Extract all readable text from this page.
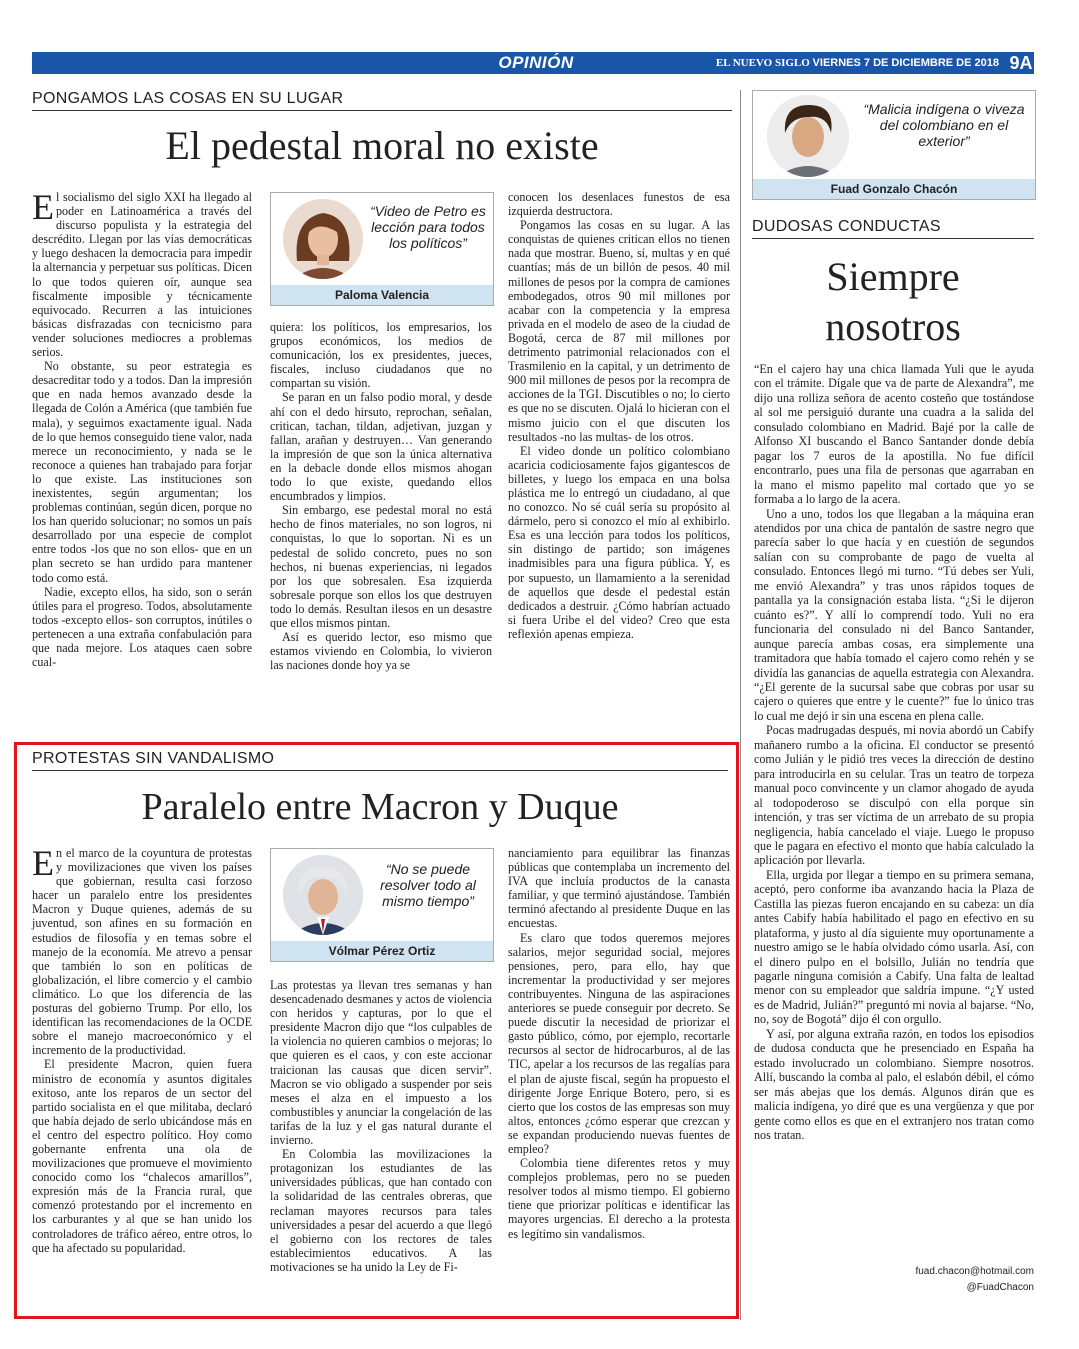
OPINIÓN	EL NUEVO SIGLO VIERNES 7 DE DICIEMBRE DE 2018 9A
PONGAMOS LAS COSAS EN SU LUGAR
El pedestal moral no existe

El socialismo del siglo XXI ha llegado al poder en Latinoamérica a través del discurso populista y la estrategia del descrédito. Llegan por las vías democráticas y luego deshacen la democracia para impedir la alternancia y perpetuar sus políticas. Dicen lo que todos quieren oír, aunque sea fiscalmente imposible y técnicamente equivocado. Recurren a las intuiciones básicas disfrazadas con tecnicismo para vender soluciones mediocres a problemas serios.

No obstante, su peor estrategia es desacreditar todo y a todos. Dan la impresión que en nada hemos avanzado desde la llegada de Colón a América (que también fue mala), y seguimos exactamente igual. Nada de lo que hemos conseguido tiene valor, nada merece un reconocimiento, y nada se le reconoce a quienes han trabajado para forjar lo que existe. Las instituciones son inexistentes, según argumentan; los problemas continúan, según dicen, porque no los han querido solucionar; no somos un país desarrollado por una especie de complot entre todos -los que no son ellos- que en un plan secreto se han urdido para mantener todo como está.

Nadie, excepto ellos, ha sido, son o serán útiles para el progreso. Todos, absolutamente todos -excepto ellos- son corruptos, inútiles o pertenecen a una extraña confabulación para que nada mejore. Los ataques caen sobre cual-

“Video de Petro es lección para todos los políticos”
Paloma Valencia

quiera: los políticos, los empresarios, los grupos económicos, los medios de comunicación, los ex presidentes, jueces, fiscales, incluso ciudadanos que no compartan su visión.

Se paran en un falso podio moral, y desde ahí con el dedo hirsuto, reprochan, señalan, critican, tachan, tildan, adjetivan, juzgan y fallan, arañan y destruyen… Van generando la impresión de que son la única alternativa en la debacle donde ellos mismos ahogan todo lo que existe, quedando ellos encumbrados y limpios.

Sin embargo, ese pedestal moral no está hecho de finos materiales, no son logros, ni conquistas, lo que lo soportan. Ni es un pedestal de solido concreto, pues no son hechos, ni buenas experiencias, ni legados por los que sobresalen. Esa izquierda sobresale porque son ellos los que destruyen todo lo demás. Resultan ilesos en un desastre que ellos mismos pintan.

Así es querido lector, eso mismo que estamos viviendo en Colombia, lo vivieron las naciones donde hoy ya se

conocen los desenlaces funestos de esa izquierda destructora.

Pongamos las cosas en su lugar. A las conquistas de quienes critican ellos no tienen nada que mostrar. Bueno, sí, multas y en qué cuantías; más de un billón de pesos. 40 mil millones de pesos por la compra de camiones embodegados, otros 90 mil millones por acabar con la competencia y la empresa privada en el modelo de aseo de la ciudad de Bogotá, cerca de 87 mil millones por detrimento patrimonial relacionados con el Trasmilenio en la capital, y un detrimento de 900 mil millones de pesos por la recompra de acciones de la TGI. Discutibles o no; lo cierto es que no se discuten. Ojalá lo hicieran con el mismo juicio con el que discuten los resultados -no las multas- de los otros.

El video donde un político colombiano acaricia codiciosamente fajos gigantescos de billetes, y luego los empaca en una bolsa plástica me lo entregó un ciudadano, al que no conozco. No sé cuál sería su propósito al dármelo, pero si conozco el mío al exhibirlo. Esa es una lección para todos los políticos, sin distingo de partido; son imágenes inadmisibles para una figura pública. Y, es por supuesto, un llamamiento a la serenidad de aquellos que desde el pedestal están dedicados a destruir. ¿Cómo habrían actuado si fuera Uribe el del video? Creo que esta reflexión apenas empieza.

PROTESTAS SIN VANDALISMO
Paralelo entre Macron y Duque

En el marco de la coyuntura de protestas y movilizaciones que viven los países que gobiernan, resulta casi forzoso hacer un paralelo entre los presidentes Macron y Duque quienes, además de su juventud, son afines en su formación en estudios de filosofía y en temas sobre el manejo de la economía. Me atrevo a pensar que también lo son en políticas de globalización, el libre comercio y el cambio climático. Lo que los diferencia de las posturas del gobierno Trump. Por ello, los identifican las recomendaciones de la OCDE sobre el manejo macroeconómico y el incremento de la productividad.

El presidente Macron, quien fuera ministro de economía y asuntos digitales exitoso, ante los reparos de un sector del partido socialista en el que militaba, declaró que había dejado de serlo ubicándose más en el centro del espectro político. Hoy como gobernante enfrenta una ola de movilizaciones que promueve el movimiento conocido como los “chalecos amarillos”, expresión más de la Francia rural, que comenzó protestando por el incremento en los carburantes y al que se han unido los controladores de tráfico aéreo, entre otros, lo que ha afectado su popularidad.

“No se puede resolver todo al mismo tiempo”
Vólmar Pérez Ortiz

Las protestas ya llevan tres semanas y han desencadenado desmanes y actos de violencia con heridos y capturas, por lo que el presidente Macron dijo que “los culpables de la violencia no quieren cambios o mejoras; lo que quieren es el caos, y con este accionar traicionan las causas que dicen servir”. Macron se vio obligado a suspender por seis meses el alza en el impuesto a los combustibles y anunciar la congelación de las tarifas de la luz y el gas natural durante el invierno.

En Colombia las movilizaciones la protagonizan los estudiantes de las universidades públicas, que han contado con la solidaridad de las centrales obreras, que reclaman mayores recursos para tales universidades a pesar del acuerdo a que llegó el gobierno con los rectores de tales establecimientos educativos. A las motivaciones se ha unido la Ley de Fi-

nanciamiento para equilibrar las finanzas públicas que contemplaba un incremento del IVA que incluía productos de la canasta familiar, y que terminó ajustándose. También terminó afectando al presidente Duque en las encuestas.

Es claro que todos queremos mejores salarios, mejor seguridad social, mejores pensiones, pero, para ello, hay que incrementar la productividad y ser mejores contribuyentes. Ninguna de las aspiraciones anteriores se puede conseguir por decreto. Se puede discutir la necesidad de priorizar el gasto público, cómo, por ejemplo, recortarle recursos al sector de hidrocarburos, al de las TIC, apelar a los recursos de las regalías para el plan de ajuste fiscal, según ha propuesto el dirigente Jorge Enrique Botero, pero, si es cierto que los costos de las empresas son muy altos, entonces ¿cómo esperar que crezcan y se expandan produciendo nuevas fuentes de empleo?

Colombia tiene diferentes retos y muy complejos problemas, pero no se pueden resolver todos al mismo tiempo. El gobierno tiene que priorizar políticas e identificar las mayores urgencias. El derecho a la protesta es legítimo sin vandalismos.

“Malicia indígena o viveza del colombiano en el exterior”
Fuad Gonzalo Chacón
DUDOSAS CONDUCTAS
Siempre
nosotros

“En el cajero hay una chica llamada Yuli que le ayuda con el trámite. Dígale que va de parte de Alexandra”, me dijo una rolliza señora de acento costeño que tostándose al sol me persiguió durante una cuadra a la salida del consulado colombiano en Madrid. Bajé por la calle de Alfonso XI buscando el Banco Santander donde debía pagar los 7 euros de la apostilla. No fue difícil encontrarlo, pues una fila de personas que agarraban en la mano el mismo papelito mal cortado que yo se formaba a lo largo de la acera.

Uno a uno, todos los que llegaban a la máquina eran atendidos por una chica de pantalón de sastre negro que parecía saber lo que hacía y en cuestión de segundos salían con su comprobante de pago de vuelta al consulado. Entonces llegó mi turno. “Tú debes ser Yuli, me envió Alexandra” y tras unos rápidos toques de pantalla ya la consignación estaba lista. “¿Si le dijeron cuánto es?”. Y allí lo comprendí todo. Yuli no era funcionaria del consulado ni del Banco Santander, aunque parecía ambas cosas, era simplemente una tramitadora que había tomado el cajero como rehén y se dividía las ganancias de aquella estrategia con Alexandra. “¿El gerente de la sucursal sabe que cobras por usar su cajero o quieres que entre y le cuente?” fue lo único tras lo cual me dejó ir sin una escena en plena calle.

Pocas madrugadas después, mi novia abordó un Cabify mañanero rumbo a la oficina. El conductor se presentó como Julián y le pidió tres veces la dirección de destino para introducirla en su celular. Tras un teatro de torpeza manual poco convincente y un clamor ahogado de ayuda al todopoderoso se disculpó con ella porque sin intención, y tras ser víctima de un arrebato de su propia negligencia, había cancelado el viaje. Luego le propuso que le pagara en efectivo el monto que había calculado la aplicación por llevarla.

Ella, urgida por llegar a tiempo en su primera semana, aceptó, pero conforme iba avanzando hacia la Plaza de Castilla las piezas fueron encajando en su cabeza: un día antes Cabify había habilitado el pago en efectivo en su plataforma, y justo al día siguiente muy oportunamente a nuestro amigo se le había olvidado cómo usarla. Así, con el dinero pulpo en el bolsillo, Julián no tendría que pagarle ninguna comisión a Cabify. Una falta de lealtad menor con su empleador que saldría impune. “¿Y usted es de Madrid, Julián?” preguntó mi novia al bajarse. “No, no, soy de Bogotá” dijo él con orgullo.

Y así, por alguna extraña razón, en todos los episodios de dudosa conducta que he presenciado en España ha estado involucrado un colombiano. Siempre nosotros. Allí, buscando la comba al palo, el eslabón débil, el cómo ser más abejas que los demás. Algunos dirán que es malicia indígena, yo diré que es una vergüenza y que por gente como ellos es que en el extranjero nos tratan como nos tratan.

fuad.chacon@hotmail.com
@FuadChacon
